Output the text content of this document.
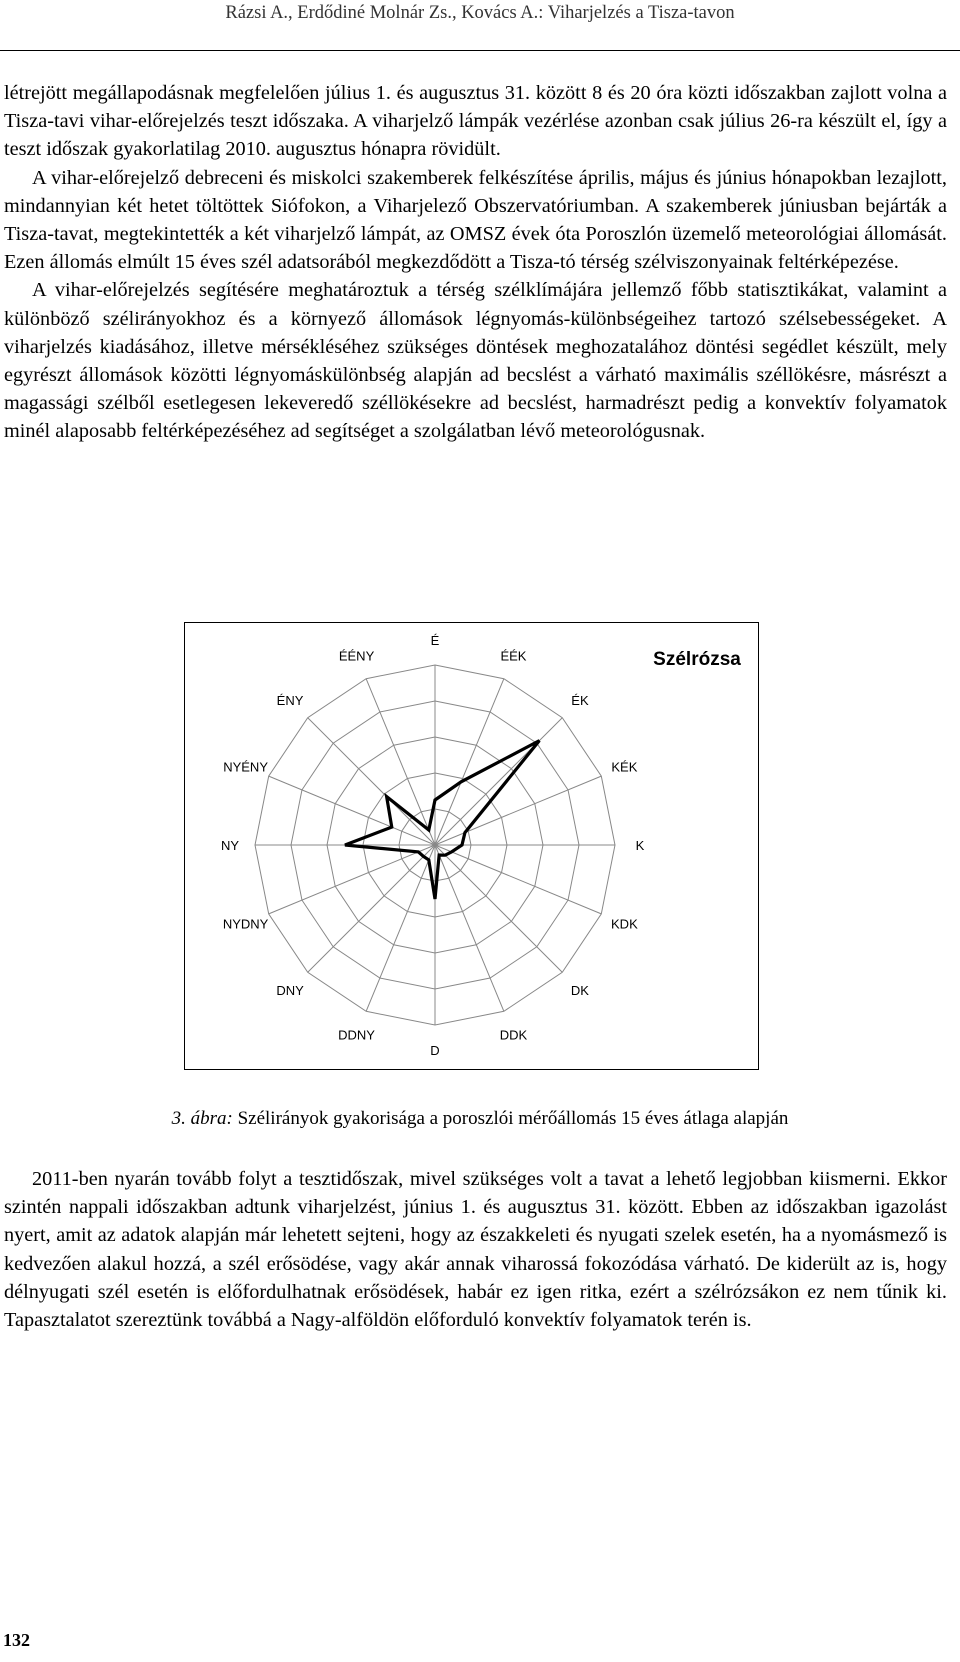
Rázsi A., Erdődiné Molnár Zs., Kovács A.: Viharjelzés a Tisza-tavon

létrejött megállapodásnak megfelelően július 1. és augusztus 31. között 8 és 20 óra közti időszakban zajlott volna a Tisza-tavi vihar-előrejelzés teszt időszaka. A viharjelző lámpák vezérlése azonban csak július 26-ra készült el, így a teszt időszak gyakorlatilag 2010. augusztus hónapra rövidült.

A vihar-előrejelző debreceni és miskolci szakemberek felkészítése április, május és június hónapokban lezajlott, mindannyian két hetet töltöttek Siófokon, a Viharjelező Obszervatóriumban. A szakemberek júniusban bejárták a Tisza-tavat, megtekintették a két viharjelző lámpát, az OMSZ évek óta Poroszlón üzemelő meteorológiai állomását. Ezen állomás elmúlt 15 éves szél adatsorából megkezdődött a Tisza-tó térség szélviszonyainak feltérképezése.

A vihar-előrejelzés segítésére meghatároztuk a térség szélklímájára jellemző főbb statisztikákat, valamint a különböző szélirányokhoz és a környező állomások légnyomás-különbségeihez tartozó szélsebességeket. A viharjelzés kiadásához, illetve mérsékléséhez szükséges döntések meghozatalához döntési segédlet készült, mely egyrészt állomások közötti légnyomáskülönbség alapján ad becslést a várható maximális széllökésre, másrészt a magassági szélből esetlegesen lekeveredő széllökésekre ad becslést, harmadrészt pedig a konvektív folyamatok minél alaposabb feltérképezéséhez ad segítséget a szolgálatban lévő meteorológusnak.

É
ÉÉK
ÉK
KÉK
K
KDK
DK
DDK
D
DDNY
DNY
NYDNY
NY
NYÉNY
ÉNY
ÉÉNY	Szélrózsa
3. ábra: Szélirányok gyakorisága a poroszlói mérőállomás 15 éves átlaga alapján

2011-ben nyarán tovább folyt a tesztidőszak, mivel szükséges volt a tavat a lehető legjobban kiismerni. Ekkor szintén nappali időszakban adtunk viharjelzést, június 1. és augusztus 31. között. Ebben az időszakban igazolást nyert, amit az adatok alapján már lehetett sejteni, hogy az északkeleti és nyugati szelek esetén, ha a nyomásmező is kedvezően alakul hozzá, a szél erősödése, vagy akár annak viharossá fokozódása várható. De kiderült az is, hogy délnyugati szél esetén is előfordulhatnak erősödések, habár ez igen ritka, ezért a szélrózsákon ez nem tűnik ki. Tapasztalatot szereztünk továbbá a Nagy-alföldön előforduló konvektív folyamatok terén is.

132
